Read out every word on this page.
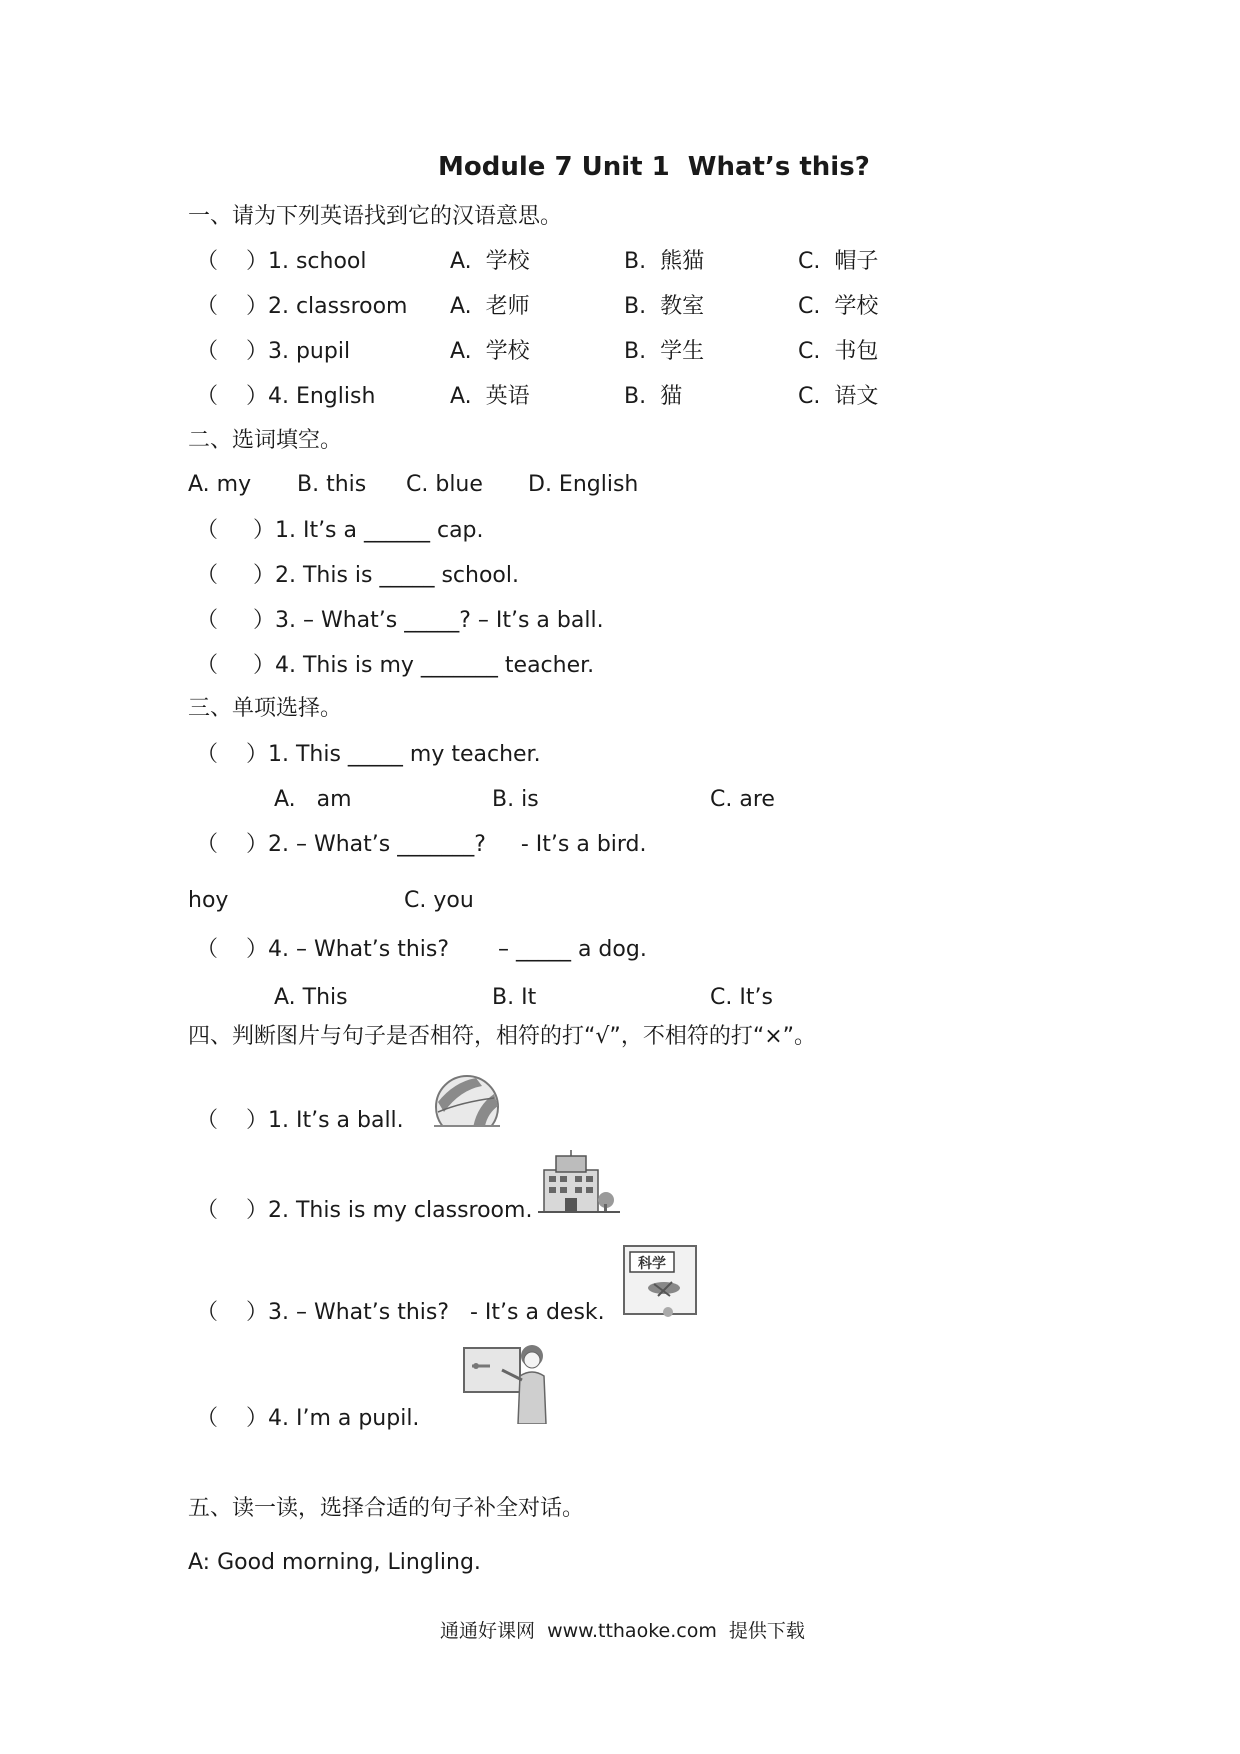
Module 7 Unit 1  What’s this?
一、请为下列英语找到它的汉语意思。
（    ）1. school	A.  学校	B.  熊猫	C.  帽子
（    ）2. classroom A.  老师	B.  教室	C.  学校
（    ）3. pupil	A.  学校	B.  学生	C.  书包
（    ）4. English	A.  英语	B.  猫	C.  语文
二、选词填空。
A. my B. this C. blue D. English
（     ）1. It’s a ______ cap.
（     ）2. This is _____ school.
（     ）3. – What’s _____? – It’s a ball.
（     ）4. This is my _______ teacher.
三、单项选择。
（    ）1. This _____ my teacher.
A.   am	B. is	C. are
（    ）2. – What’s _______?     - It’s a bird.
hoy	C. you
（    ）4. – What’s this?       – _____ a dog.
A. This	B. It	C. It’s
四、判断图片与句子是否相符，相符的打“√”，不相符的打“×”。
（    ）1. It’s a ball.
（    ）2. This is my classroom.
（    ）3. – What’s this?   - It’s a desk.
科学
（    ）4. I’m a pupil.
五、读一读，选择合适的句子补全对话。
A: Good morning, Lingling.
通通好课网  www.tthaoke.com  提供下载
